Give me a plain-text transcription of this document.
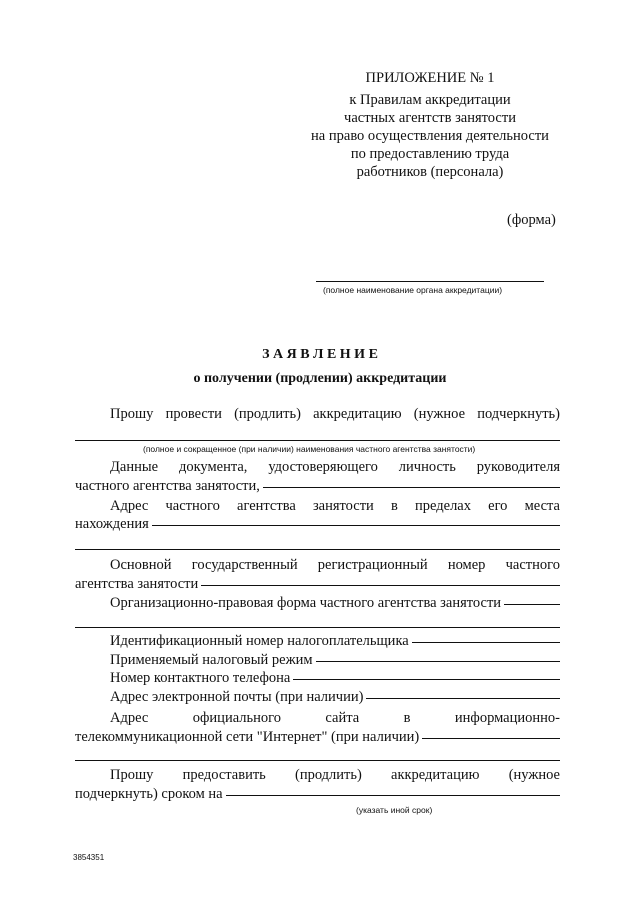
ПРИЛОЖЕНИЕ № 1
к Правилам аккредитации
частных агентств занятости
на право осуществления деятельности
по предоставлению труда
работников (персонала)
(форма)
(полное наименование органа аккредитации)
З А Я В Л Е Н И Е
о получении (продлении) аккредитации
Прошу провести (продлить) аккредитацию (нужное подчеркнуть)
(полное и сокращенное (при наличии) наименования частного агентства занятости)
Данные документа, удостоверяющего личность руководителя
частного агентства занятости,
Адрес частного агентства занятости в пределах его места
нахождения
Основной государственный регистрационный номер частного
агентства занятости
Организационно-правовая форма частного агентства занятости
Идентификационный номер налогоплательщика
Применяемый налоговый режим
Номер контактного телефона
Адрес электронной почты (при наличии)
Адрес	официального	сайта	в	информационно-
телекоммуникационной сети "Интернет" (при наличии)
Прошу предоставить (продлить) аккредитацию (нужное
подчеркнуть) сроком на
(указать иной срок)
3854351
